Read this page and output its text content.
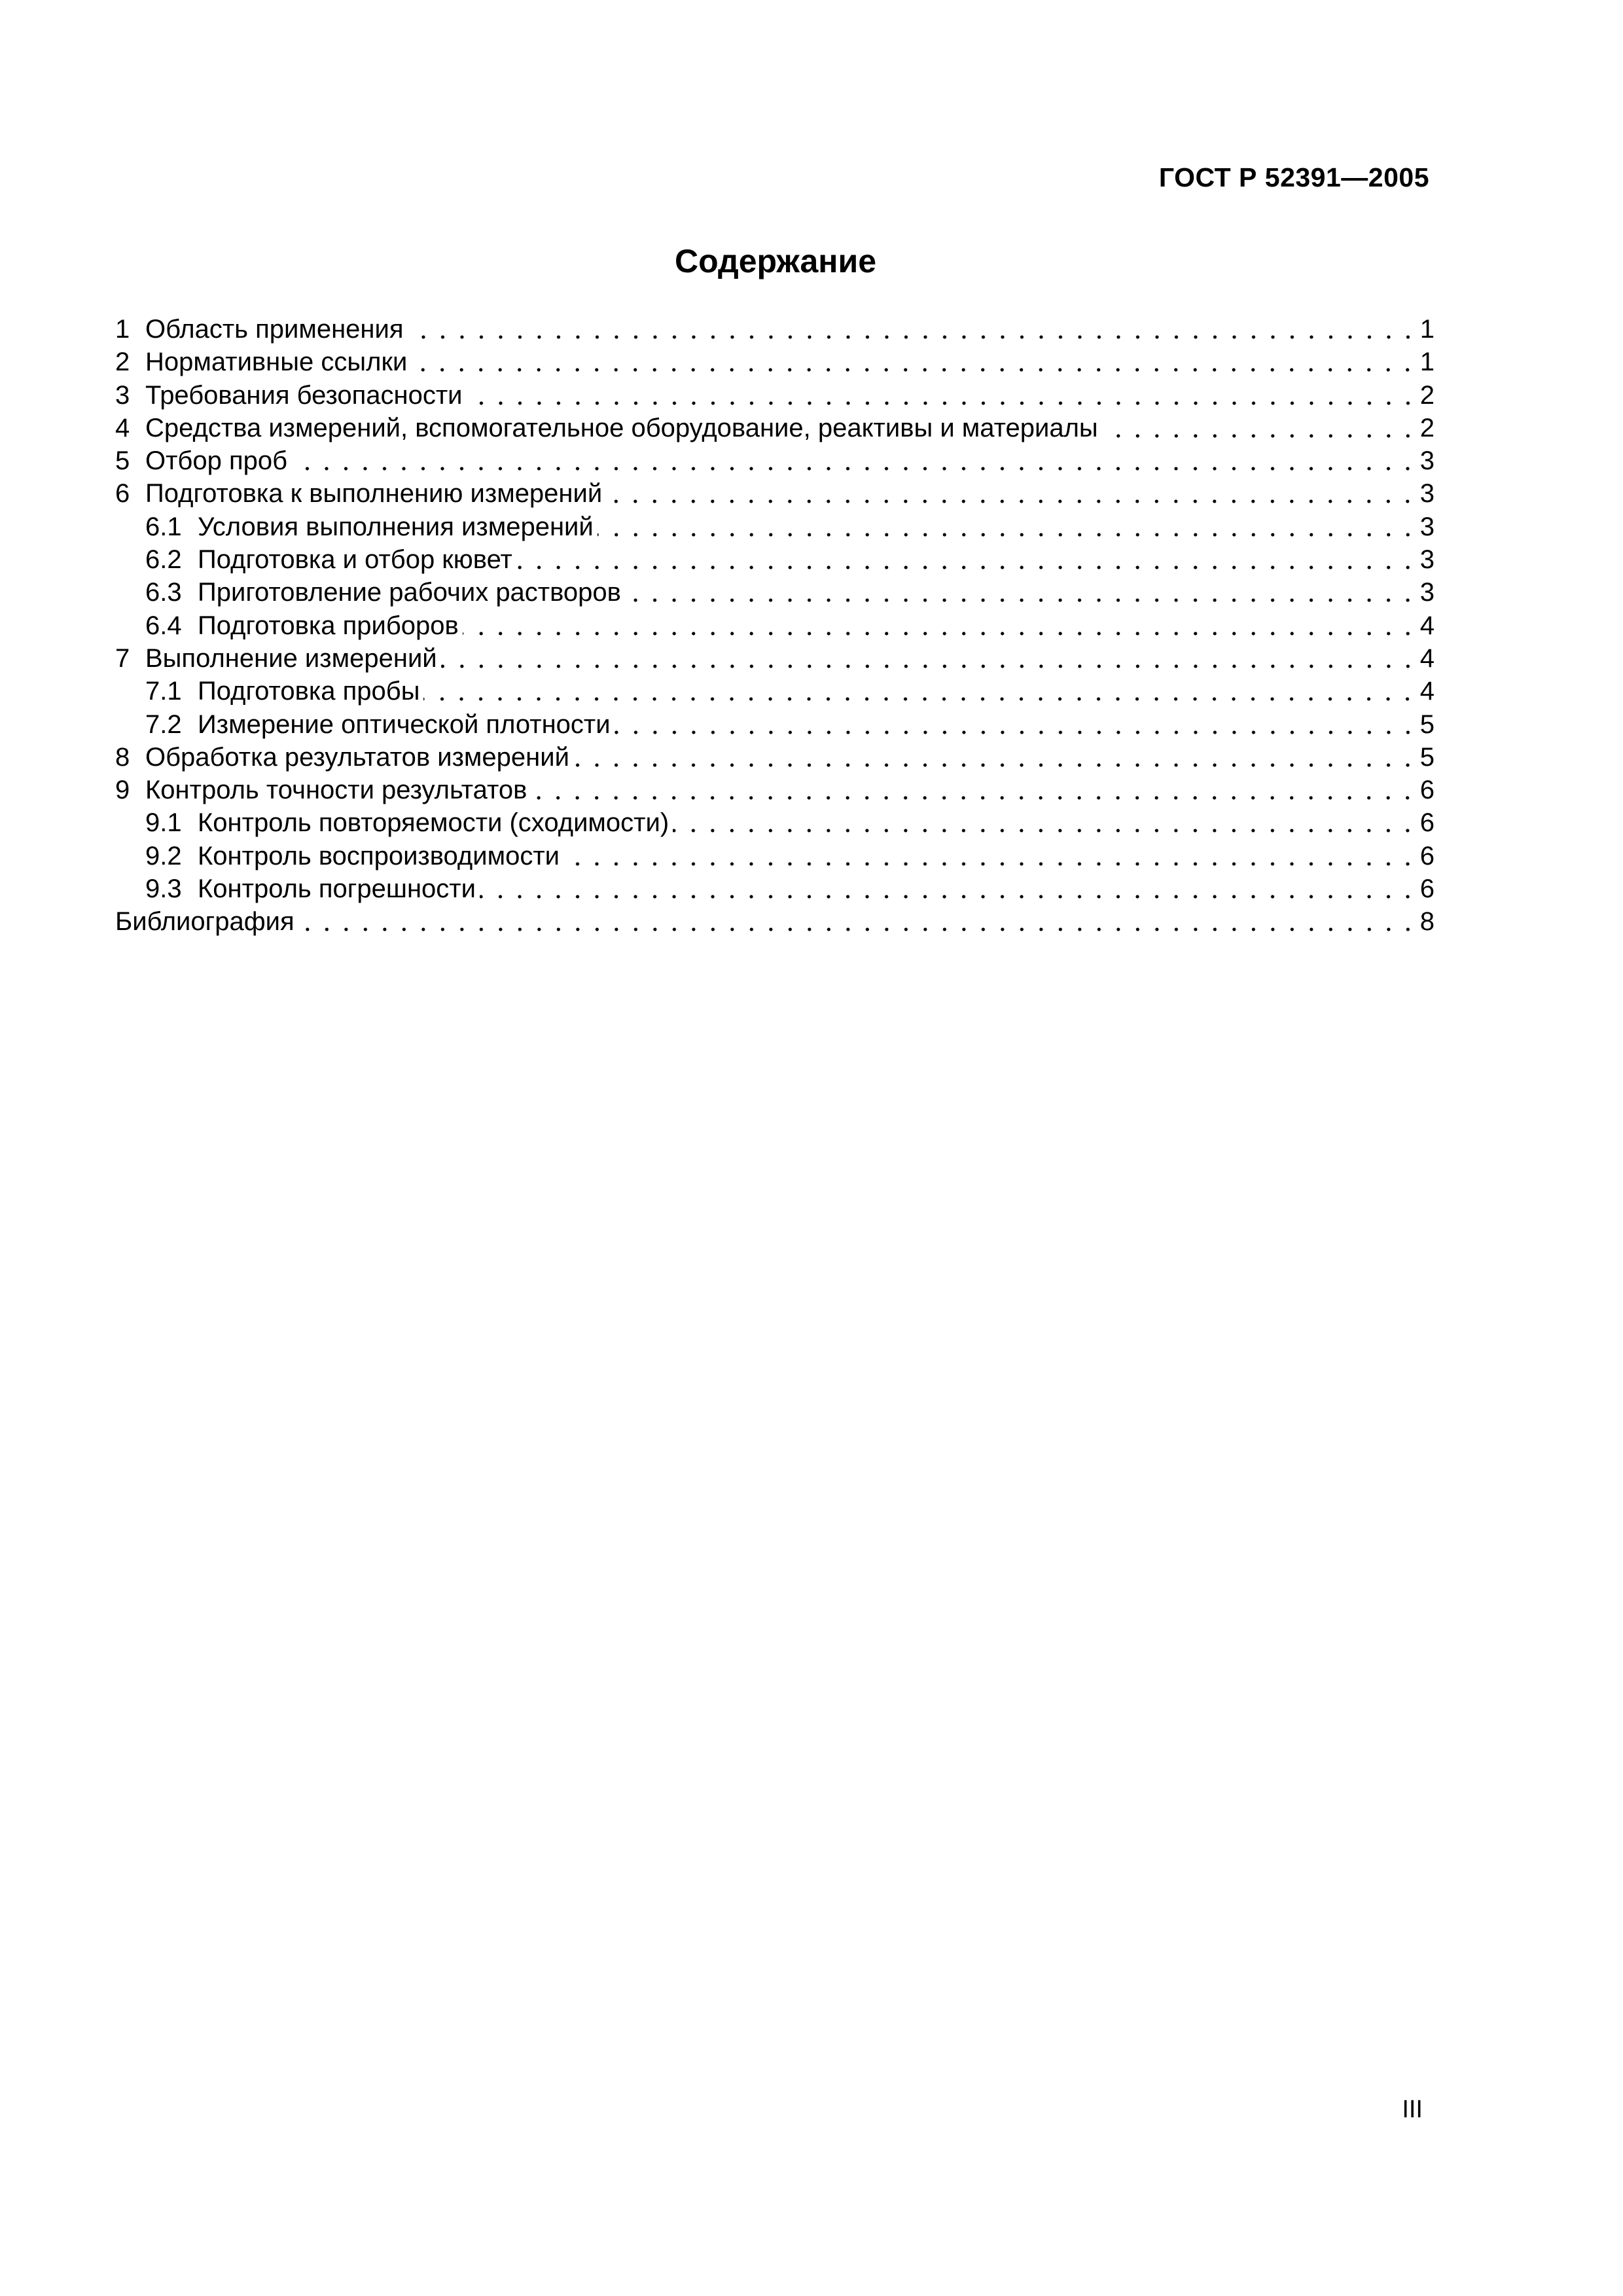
ГОСТ Р 52391—2005
Содержание
1 Область применения	1
2 Нормативные ссылки	1
3 Требования безопасности	2
4 Средства измерений, вспомогательное оборудование, реактивы и материалы	2
5 Отбор проб	3
6 Подготовка к выполнению измерений	3
6.1 Условия выполнения измерений	3
6.2 Подготовка и отбор кювет	3
6.3 Приготовление рабочих растворов	3
6.4 Подготовка приборов	4
7 Выполнение измерений	4
7.1 Подготовка пробы	4
7.2 Измерение оптической плотности	5
8 Обработка результатов измерений	5
9 Контроль точности результатов	6
9.1 Контроль повторяемости (сходимости)	6
9.2 Контроль воспроизводимости	6
9.3 Контроль погрешности	6
Библиография	8
III
